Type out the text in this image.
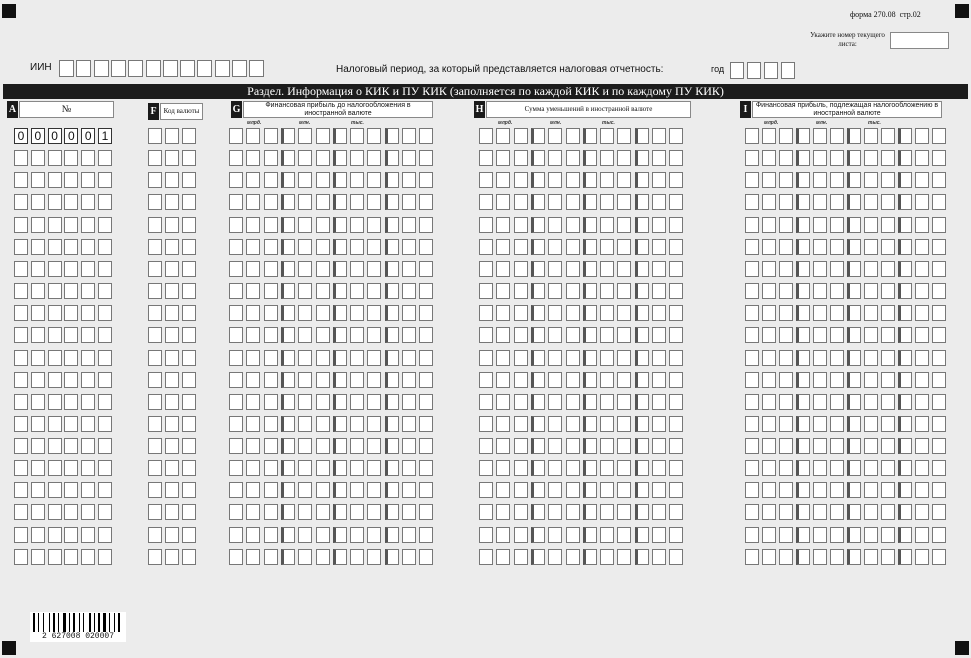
форма 270.08 стр.02
Укажите номер текущего листа:
ИИН	Налоговый период, за который представляется налоговая отчетность:	год
Раздел. Информация о КИК и ПУ КИК (заполняется по каждой КИК и по каждому ПУ КИК)
A	№	F	Код валюты	G	Финансовая прибыль до налогообложения в иностранной валюте	H	Сумма уменьшений в иностранной валюте	I	Финансовая прибыль, подлежащая налогообложению в иностранной валюте
млрд.	млн.	тыс.	млрд.	млн.	тыс.	млрд.	млн.	тыс.
0 0 0 0 0 1
2 627008 020007
